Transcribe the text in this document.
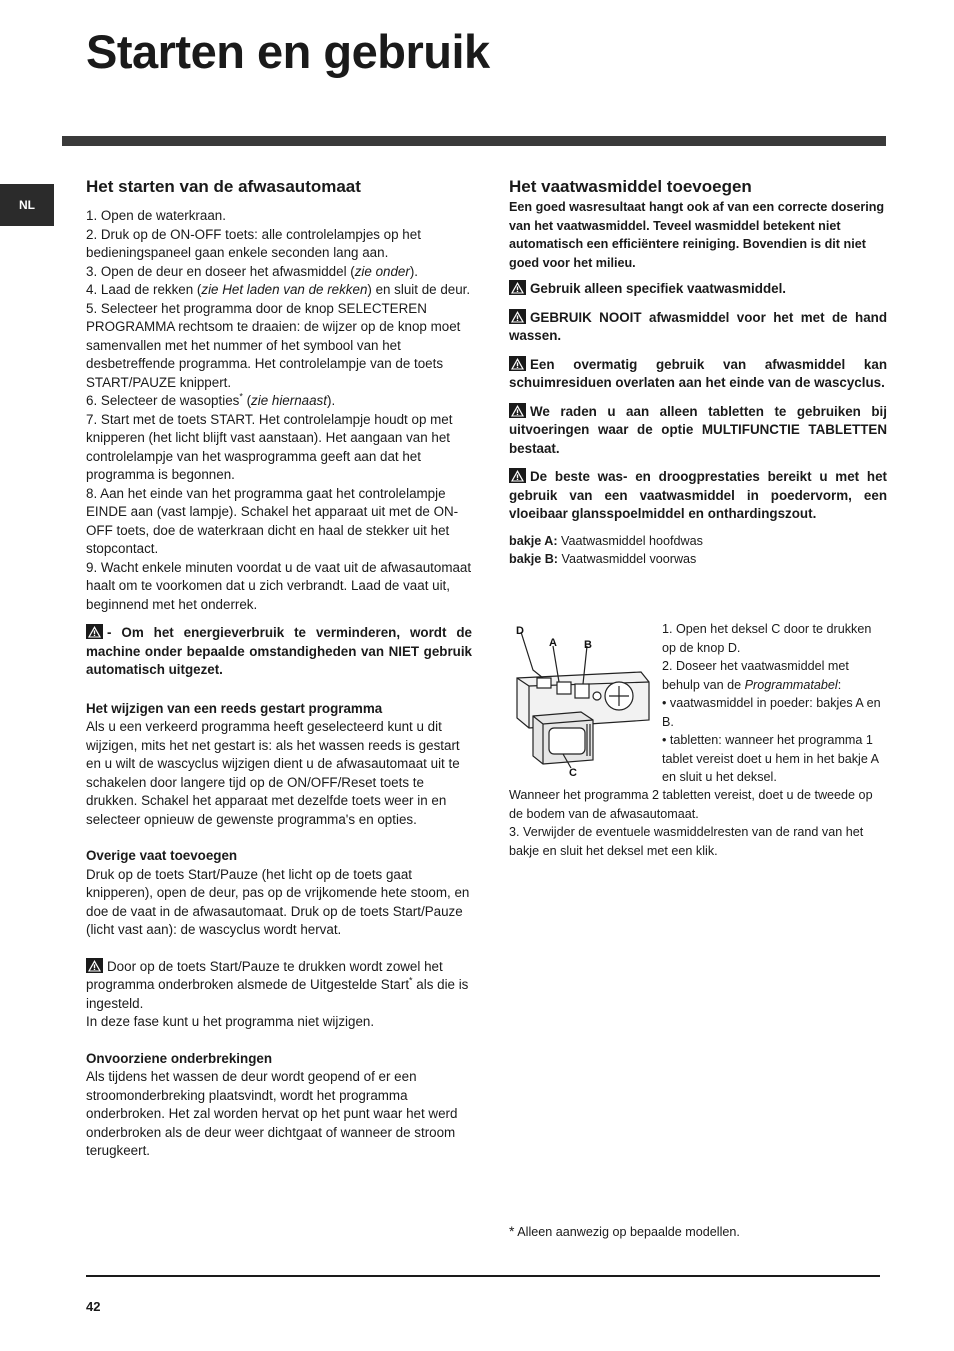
Starten en gebruik
NL
Het starten van de afwasautomaat

1. Open de waterkraan.

2. Druk op de ON-OFF toets: alle controlelampjes op het bedieningspaneel gaan enkele seconden lang aan.

3. Open de deur en doseer het afwasmiddel (zie onder).

4. Laad de rekken (zie Het laden van de rekken) en sluit de deur.

5. Selecteer het programma door de knop SELECTEREN PROGRAMMA rechtsom te draaien: de wijzer op de knop moet samenvallen met het nummer of het symbool van het desbetreffende programma. Het controlelampje van de toets START/PAUZE knippert.

6. Selecteer de wasopties* (zie hiernaast).

7. Start met de toets START. Het controlelampje houdt op met knipperen (het licht blijft vast aanstaan). Het aangaan van het controlelampje van het wasprogramma geeft aan dat het programma is begonnen.

8. Aan het einde van het programma gaat het controlelampje EINDE aan (vast lampje). Schakel het apparaat uit met de ON-OFF toets, doe de waterkraan dicht en haal de stekker uit het stopcontact.

9. Wacht enkele minuten voordat u de vaat uit de afwasautomaat haalt om te voorkomen dat u zich verbrandt. Laad de vaat uit, beginnend met het onderrek.

- Om het energieverbruik te verminderen, wordt de machine onder bepaalde omstandigheden van NIET gebruik automatisch uitgezet.

Het wijzigen van een reeds gestart programma

Als u een verkeerd programma heeft geselecteerd kunt u dit wijzigen, mits het net gestart is: als het wassen reeds is gestart en u wilt de wascyclus wijzigen dient u de afwasautomaat uit te schakelen door langere tijd op de ON/OFF/Reset toets te drukken. Schakel het apparaat met dezelfde toets weer in en selecteer opnieuw de gewenste programma's en opties.

Overige vaat toevoegen

Druk op de toets Start/Pauze (het licht op de toets gaat knipperen), open de deur, pas op de vrijkomende hete stoom, en doe de vaat in de afwasautomaat. Druk op de toets Start/Pauze (licht vast aan): de wascyclus wordt hervat.

Door op de toets Start/Pauze te drukken wordt zowel het programma onderbroken alsmede de Uitgestelde Start* als die is ingesteld.

In deze fase kunt u het programma niet wijzigen.

Onvoorziene onderbrekingen

Als tijdens het wassen de deur wordt geopend of er een stroomonderbreking plaatsvindt, wordt het programma onderbroken. Het zal worden hervat op het punt waar het werd onderbroken als de deur weer dichtgaat of wanneer de stroom terugkeert.

Het vaatwasmiddel toevoegen

Een goed wasresultaat hangt ook af van een correcte dosering van het vaatwasmiddel. Teveel wasmiddel betekent niet automatisch een efficiëntere reiniging. Bovendien is dit niet goed voor het milieu.

Gebruik alleen specifiek vaatwasmiddel.

GEBRUIK NOOIT afwasmiddel voor het met de hand wassen.

Een overmatig gebruik van afwasmiddel kan schuimresiduen overlaten aan het einde van de wascyclus.

We raden u aan alleen tabletten te gebruiken bij uitvoeringen waar de optie MULTIFUNCTIE TABLETTEN bestaat.

De beste was- en droogprestaties bereikt u met het gebruik van een vaatwasmiddel in poedervorm, een vloeibaar glansspoelmiddel en onthardingszout.

bakje A: Vaatwasmiddel hoofdwas

bakje B: Vaatwasmiddel voorwas

D
A B
C

1. Open het deksel C door te drukken op de knop D.

2. Doseer het vaatwasmiddel met behulp van de Programmatabel:

• vaatwasmiddel in poeder: bakjes A en B.

• tabletten: wanneer het programma 1 tablet vereist doet u hem in het bakje A en sluit u het deksel.

Wanneer het programma 2 tabletten vereist, doet u de tweede op de bodem van de afwasautomaat.

3. Verwijder de eventuele wasmiddelresten van de rand van het bakje en sluit het deksel met een klik.

* Alleen aanwezig op bepaalde modellen.
42
